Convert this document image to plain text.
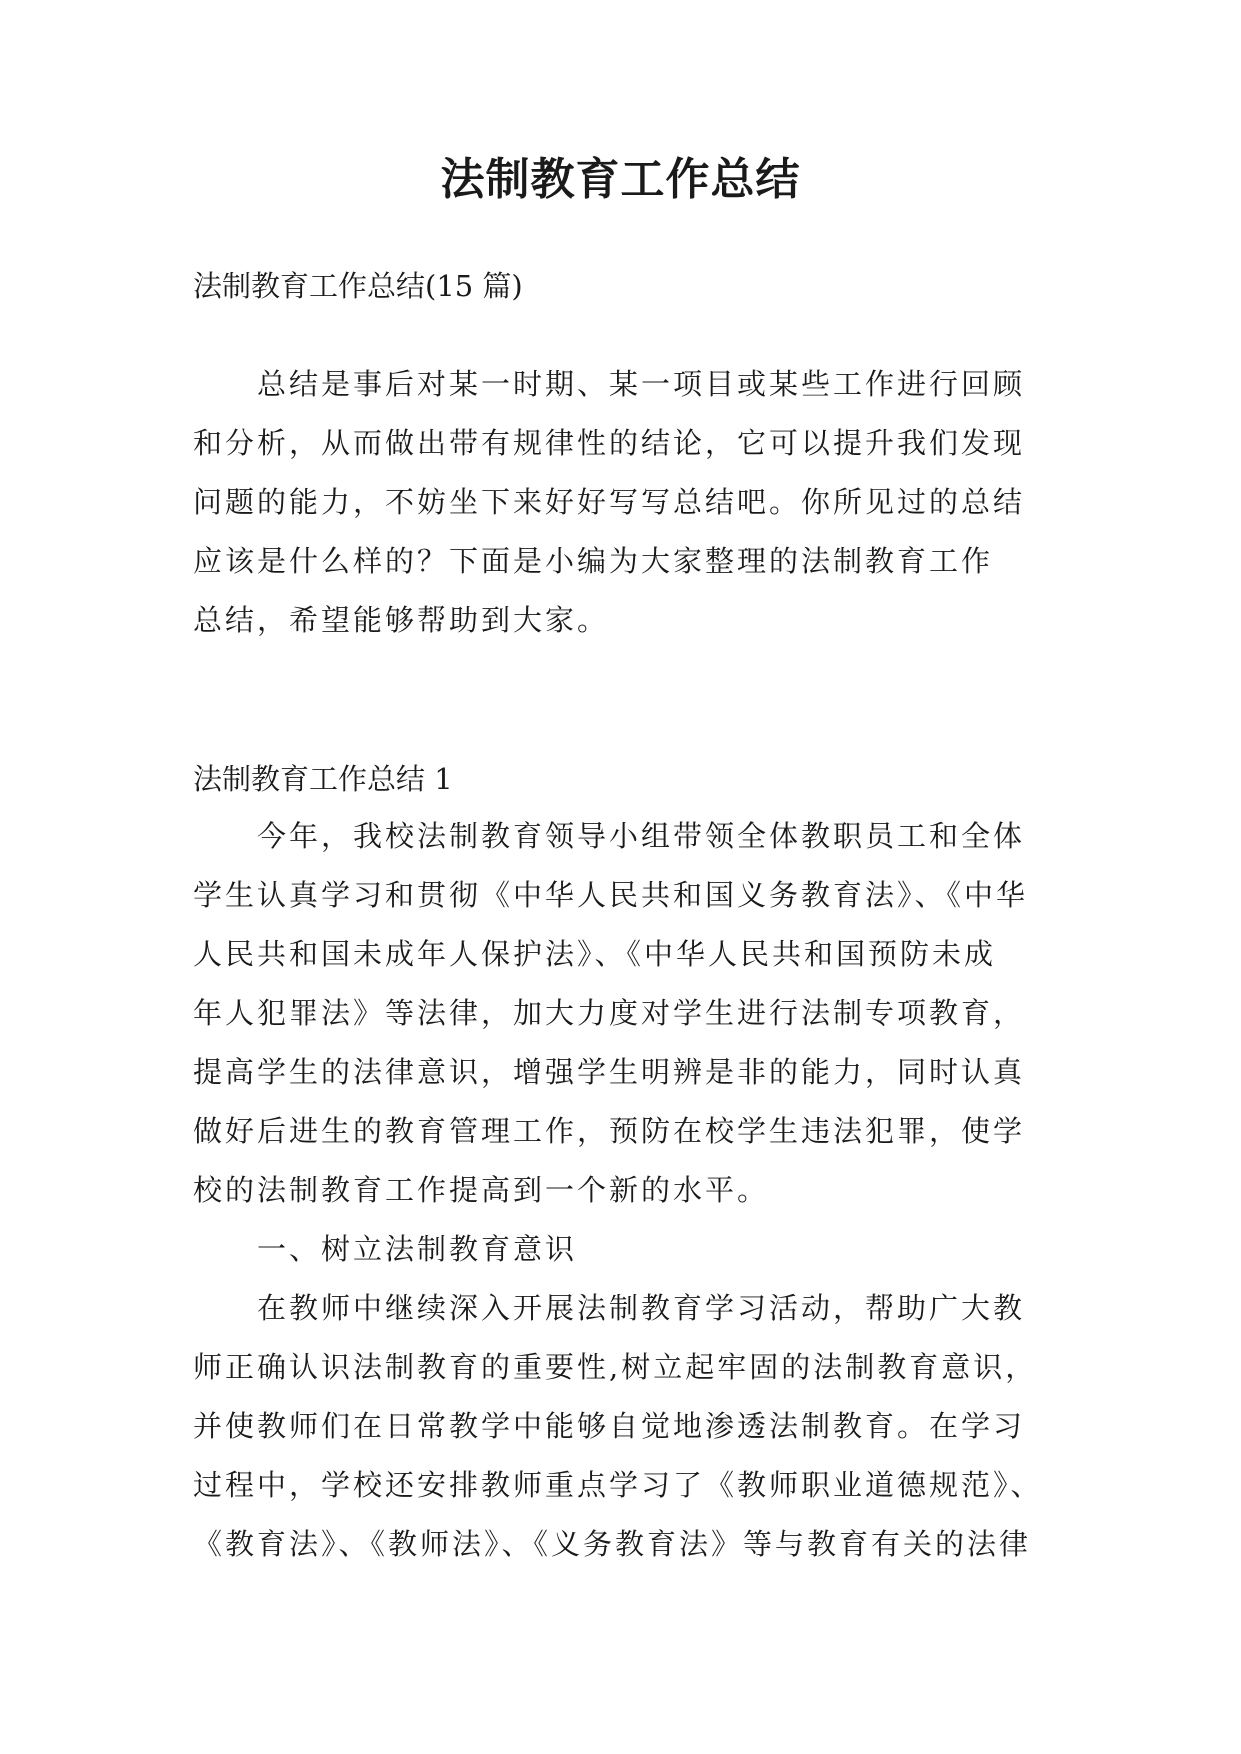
法制教育工作总结
法制教育工作总结(15 篇)
总结是事后对某一时期、某一项目或某些工作进行回顾
和分析，从而做出带有规律性的结论，它可以提升我们发现
问题的能力，不妨坐下来好好写写总结吧。你所见过的总结
应该是什么样的？下面是小编为大家整理的法制教育工作
总结，希望能够帮助到大家。
法制教育工作总结 1
今年，我校法制教育领导小组带领全体教职员工和全体
学生认真学习和贯彻《中华人民共和国义务教育法》、《中华
人民共和国未成年人保护法》、《中华人民共和国预防未成
年人犯罪法》等法律，加大力度对学生进行法制专项教育，
提高学生的法律意识，增强学生明辨是非的能力，同时认真
做好后进生的教育管理工作，预防在校学生违法犯罪，使学
校的法制教育工作提高到一个新的水平。
一、树立法制教育意识
在教师中继续深入开展法制教育学习活动，帮助广大教
师正确认识法制教育的重要性,树立起牢固的法制教育意识，
并使教师们在日常教学中能够自觉地渗透法制教育。在学习
过程中，学校还安排教师重点学习了《教师职业道德规范》、
《教育法》、《教师法》、《义务教育法》等与教育有关的法律
